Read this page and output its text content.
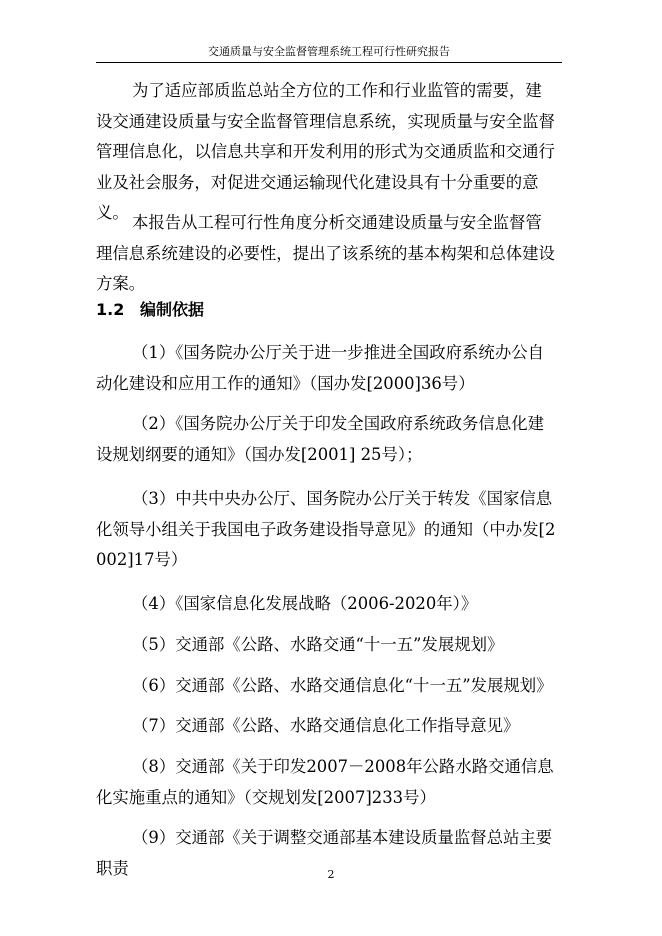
交通质量与安全监督管理系统工程可行性研究报告

为了适应部质监总站全方位的工作和行业监管的需要，建设交通建设质量与安全监督管理信息系统，实现质量与安全监督管理信息化，以信息共享和开发利用的形式为交通质监和交通行业及社会服务，对促进交通运输现代化建设具有十分重要的意义。

本报告从工程可行性角度分析交通建设质量与安全监督管理信息系统建设的必要性，提出了该系统的基本构架和总体建设方案。

1.2 编制依据

（1）《国务院办公厅关于进一步推进全国政府系统办公自动化建设和应用工作的通知》（国办发[2000]36号）

（2）《国务院办公厅关于印发全国政府系统政务信息化建设规划纲要的通知》（国办发[2001] 25号）；

（3）中共中央办公厅、国务院办公厅关于转发《国家信息化领导小组关于我国电子政务建设指导意见》的通知（中办发[2002]17号）

（4）《国家信息化发展战略（2006-2020年）》

（5）交通部《公路、水路交通“十一五”发展规划》

（6）交通部《公路、水路交通信息化“十一五”发展规划》

（7）交通部《公路、水路交通信息化工作指导意见》

（8）交通部《关于印发2007－2008年公路水路交通信息化实施重点的通知》（交规划发[2007]233号）

（9）交通部《关于调整交通部基本建设质量监督总站主要职责	2
